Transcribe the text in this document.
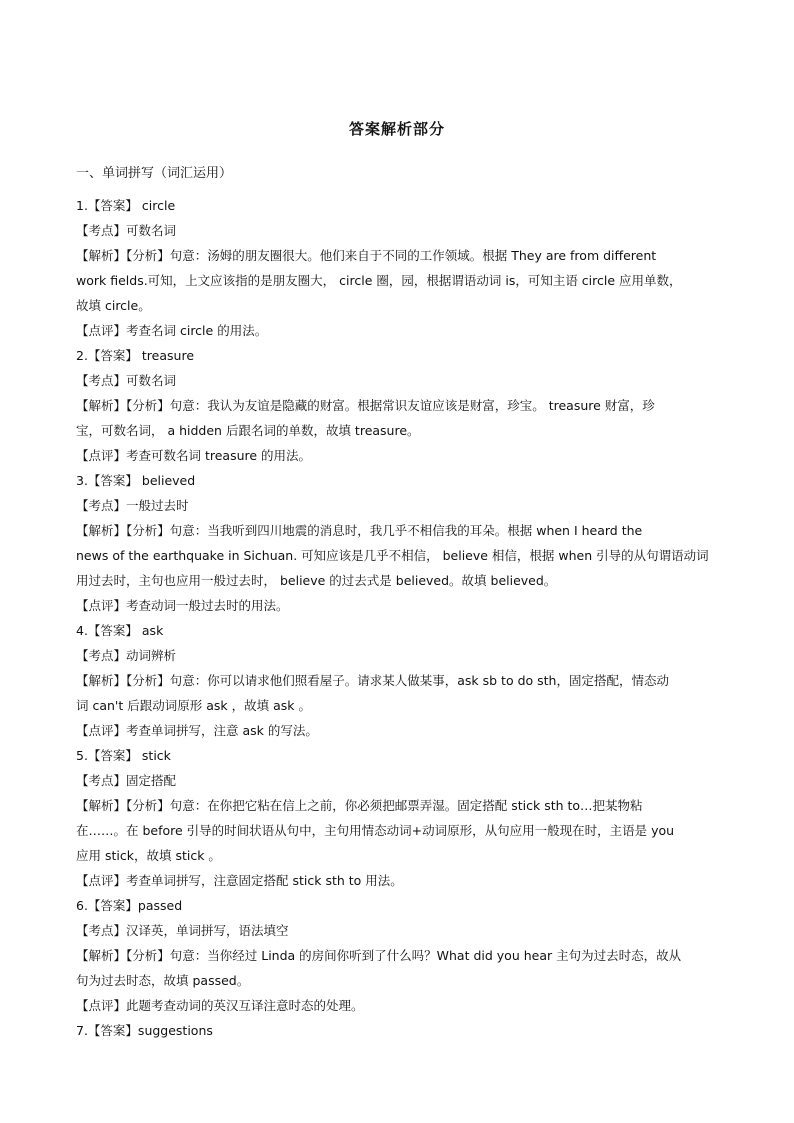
答案解析部分
一、单词拼写（词汇运用）
1.【答案】 circle
【考点】可数名词
【解析】【分析】句意：汤姆的朋友圈很大。他们来自于不同的工作领域。根据 They are from different
work fields.可知，上文应该指的是朋友圈大， circle 圈，园，根据谓语动词 is，可知主语 circle 应用单数，
故填 circle。
【点评】考查名词 circle 的用法。
2.【答案】 treasure
【考点】可数名词
【解析】【分析】句意：我认为友谊是隐藏的财富。根据常识友谊应该是财富，珍宝。 treasure 财富，珍
宝，可数名词， a hidden 后跟名词的单数，故填 treasure。
【点评】考查可数名词 treasure 的用法。
3.【答案】 believed
【考点】一般过去时
【解析】【分析】句意：当我听到四川地震的消息时，我几乎不相信我的耳朵。根据 when I heard the
news of the earthquake in Sichuan. 可知应该是几乎不相信， believe 相信，根据 when 引导的从句谓语动词
用过去时，主句也应用一般过去时， believe 的过去式是 believed。故填 believed。
【点评】考查动词一般过去时的用法。
4.【答案】 ask
【考点】动词辨析
【解析】【分析】句意：你可以请求他们照看屋子。请求某人做某事，ask sb to do sth，固定搭配，情态动
词 can't 后跟动词原形 ask ，故填 ask 。
【点评】考查单词拼写，注意 ask 的写法。
5.【答案】 stick
【考点】固定搭配
【解析】【分析】句意：在你把它粘在信上之前，你必须把邮票弄湿。固定搭配 stick sth to…把某物粘
在……。在 before 引导的时间状语从句中，主句用情态动词+动词原形，从句应用一般现在时，主语是 you
应用 stick，故填 stick 。
【点评】考查单词拼写，注意固定搭配 stick sth to 用法。
6.【答案】passed
【考点】汉译英，单词拼写，语法填空
【解析】【分析】句意：当你经过 Linda 的房间你听到了什么吗？What did you hear 主句为过去时态，故从
句为过去时态，故填 passed。
【点评】此题考查动词的英汉互译注意时态的处理。
7.【答案】suggestions
